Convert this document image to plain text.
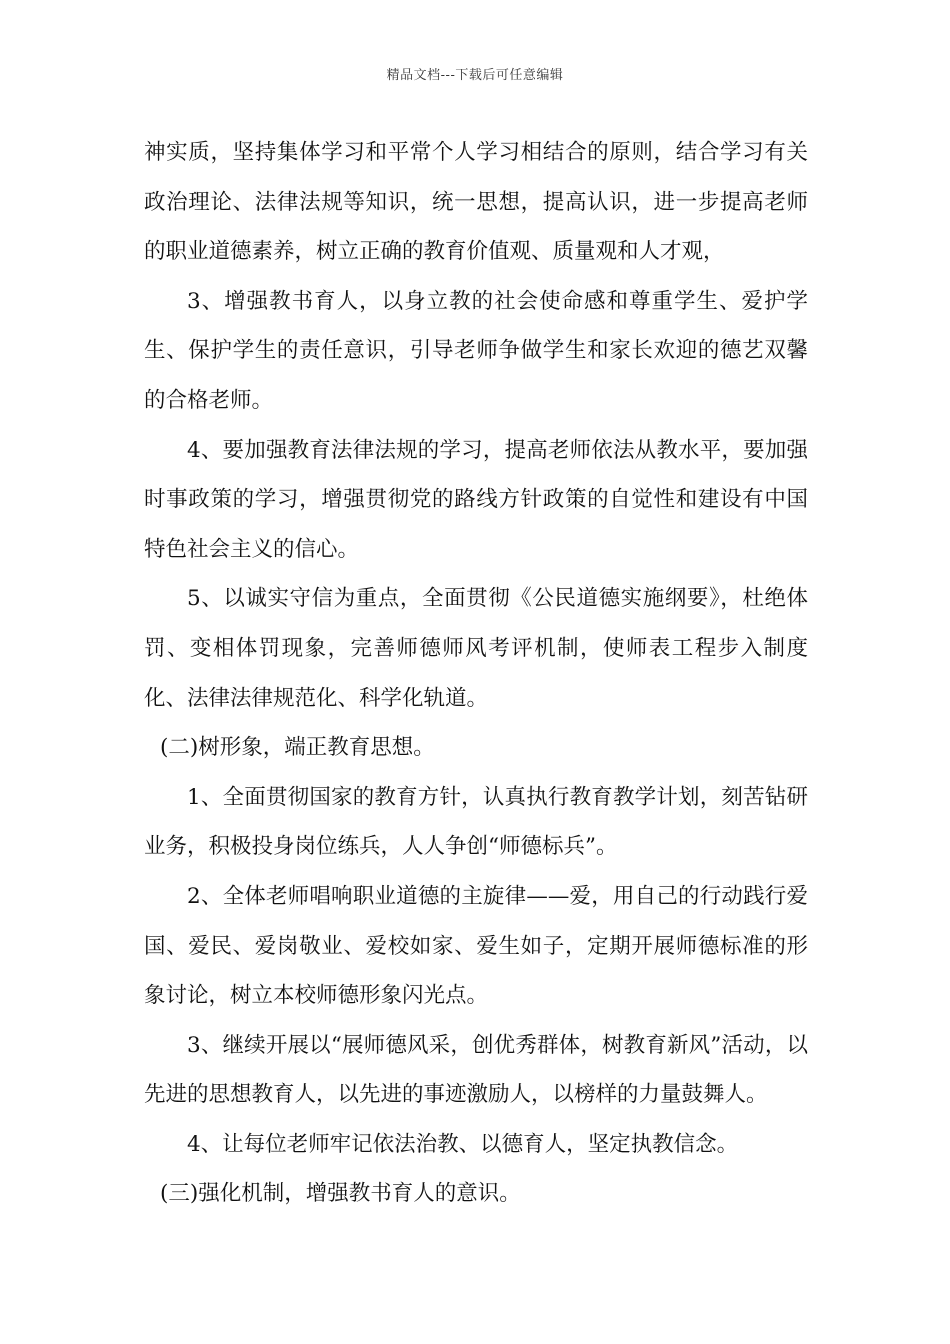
精品文档---下载后可任意编辑

神实质，坚持集体学习和平常个人学习相结合的原则，结合学习有关政治理论、法律法规等知识，统一思想，提高认识，进一步提高老师的职业道德素养，树立正确的教育价值观、质量观和人才观，

3、增强教书育人，以身立教的社会使命感和尊重学生、爱护学生、保护学生的责任意识，引导老师争做学生和家长欢迎的德艺双馨的合格老师。

4、要加强教育法律法规的学习，提高老师依法从教水平，要加强时事政策的学习，增强贯彻党的路线方针政策的自觉性和建设有中国特色社会主义的信心。

5、以诚实守信为重点，全面贯彻《公民道德实施纲要》，杜绝体罚、变相体罚现象，完善师德师风考评机制，使师表工程步入制度化、法律法律规范化、科学化轨道。

(二)树形象，端正教育思想。

1、全面贯彻国家的教育方针，认真执行教育教学计划，刻苦钻研业务，积极投身岗位练兵，人人争创“师德标兵”。

2、全体老师唱响职业道德的主旋律——爱，用自己的行动践行爱国、爱民、爱岗敬业、爱校如家、爱生如子，定期开展师德标准的形象讨论，树立本校师德形象闪光点。

3、继续开展以“展师德风采，创优秀群体，树教育新风”活动，以先进的思想教育人，以先进的事迹激励人，以榜样的力量鼓舞人。

4、让每位老师牢记依法治教、以德育人，坚定执教信念。

(三)强化机制，增强教书育人的意识。
